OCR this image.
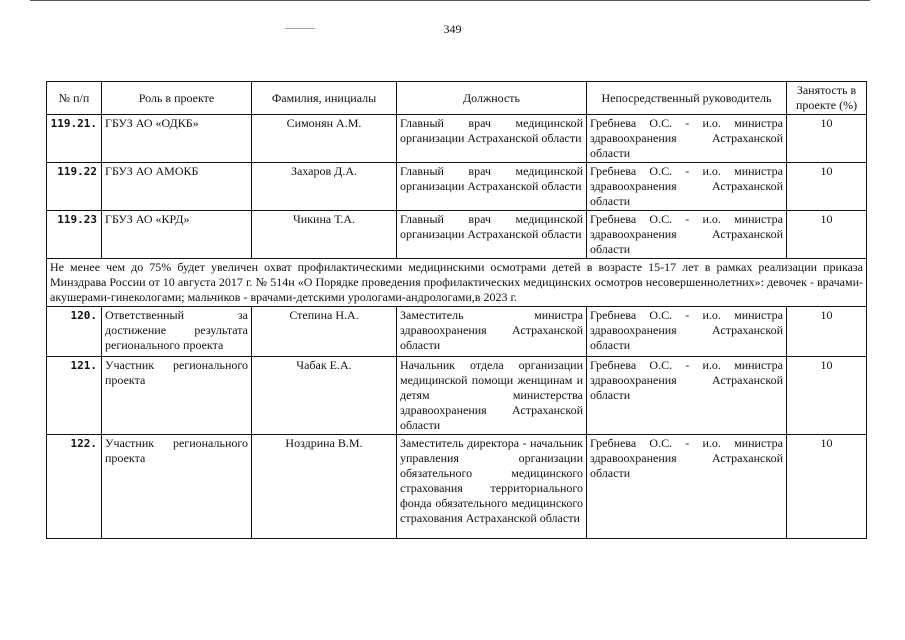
349
№ п/п	Роль в проекте	Фамилия, инициалы	Должность	Непосредственный руководитель	Занятость в проекте (%)
119.21.	ГБУЗ АО «ОДКБ»	Симонян А.М.	Главный врач медицинской организации Астраханской области	Гребнева О.С. - и.о. министра здравоохранения Астраханской области	10
119.22	ГБУЗ АО АМОКБ	Захаров Д.А.	Главный врач медицинской организации Астраханской области	Гребнева О.С. - и.о. министра здравоохранения Астраханской области	10
119.23	ГБУЗ АО «КРД»	Чикина Т.А.	Главный врач медицинской организации Астраханской области	Гребнева О.С. - и.о. министра здравоохранения Астраханской области	10
Не менее чем до 75% будет увеличен охват профилактическими медицинскими осмотрами детей в возрасте 15-17 лет в рамках реализации приказа Минздрава России от 10 августа 2017 г. № 514н «О Порядке проведения профилактических медицинских осмотров несовершеннолетних»: девочек - врачами-акушерами-гинекологами; мальчиков - врачами-детскими урологами-андрологами,в 2023 г.					
120.	Ответственный за достижение результата регионального проекта	Степина Н.А.	Заместитель министра здравоохранения Астраханской области	Гребнева О.С. - и.о. министра здравоохранения Астраханской области	10
121.	Участник регионального проекта	Чабак Е.А.	Начальник отдела организации медицинской помощи женщинам и детям министерства здравоохранения Астраханской области	Гребнева О.С. - и.о. министра здравоохранения Астраханской области	10
122.	Участник регионального проекта	Ноздрина В.М.	Заместитель директора - начальник управления организации обязательного медицинского страхования территориального фонда обязательного медицинского страхования Астраханской области	Гребнева О.С. - и.о. министра здравоохранения Астраханской области	10
